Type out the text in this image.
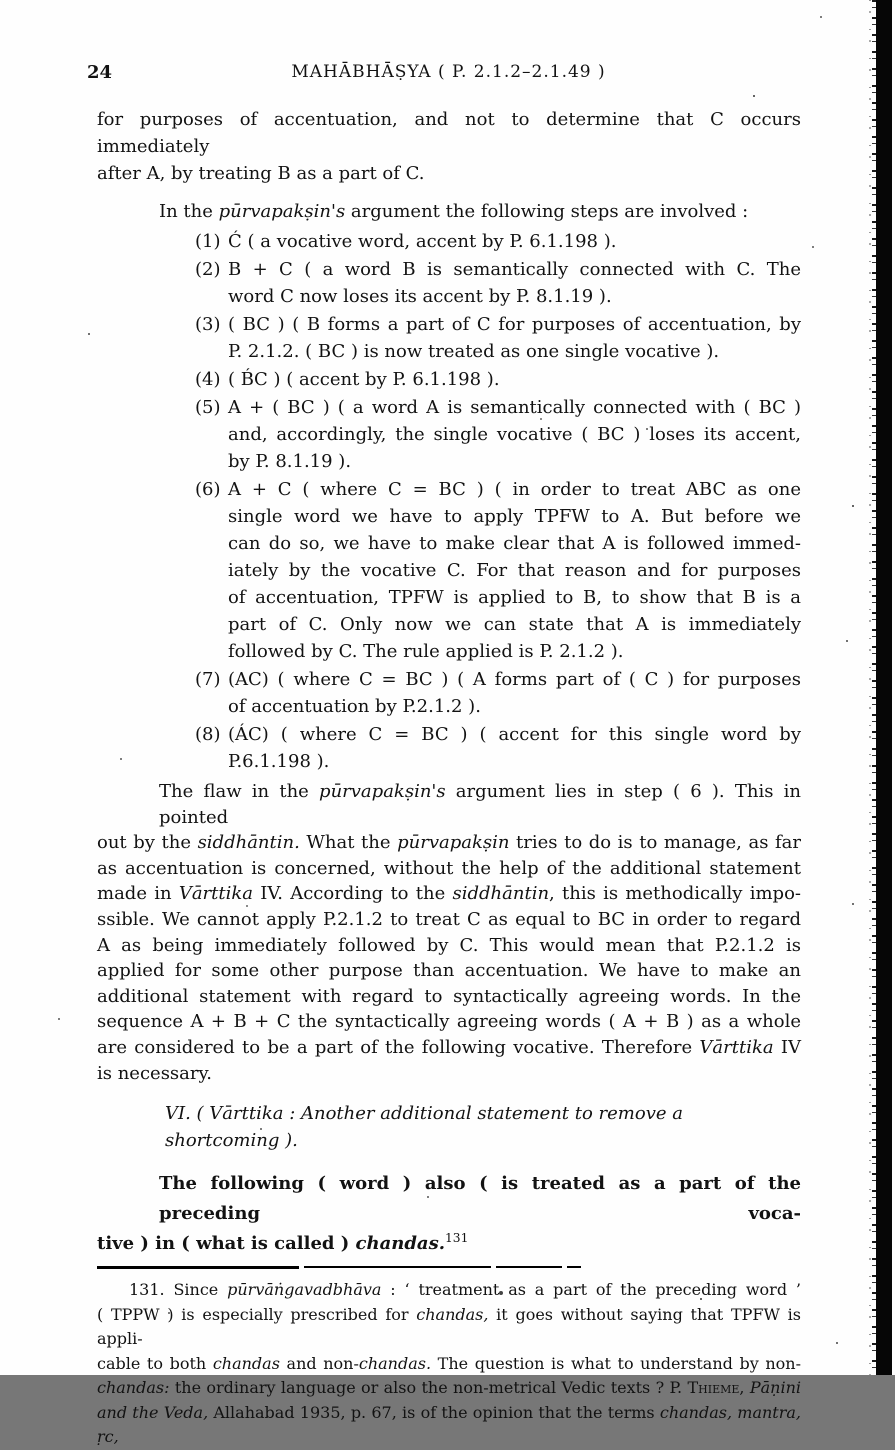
24	MAHĀBHĀṢYA ( P. 2.1.2–2.1.49 )
for purposes of accentuation, and not to determine that C occurs immediately
after A, by treating B as a part of C.
In the pūrvapakṣin's argument the following steps are involved :
(1) Ć ( a vocative word, accent by P. 6.1.198 ).
(2) B + C ( a word B is semantically connected with C. The
word C now loses its accent by P. 8.1.19 ).
(3) ( BC ) ( B forms a part of C for purposes of accentuation, by
P. 2.1.2. ( BC ) is now treated as one single vocative ).
(4) ( B́C ) ( accent by P. 6.1.198 ).
(5) A + ( BC ) ( a word A is semantically connected with ( BC )
and, accordingly, the single vocative ( BC ) loses its accent,
by P. 8.1.19 ).
(6) A + C ( where C = BC ) ( in order to treat ABC as one
single word we have to apply TPFW to A. But before we
can do so, we have to make clear that A is followed immed-
iately by the vocative C. For that reason and for purposes
of accentuation, TPFW is applied to B, to show that B is a
part of C. Only now we can state that A is immediately
followed by C. The rule applied is P. 2.1.2 ).
(7) (AC) ( where C = BC ) ( A forms part of ( C ) for purposes
of accentuation by P.2.1.2 ).
(8) (ÁC) ( where C = BC ) ( accent for this single word by
P.6.1.198 ).
The flaw in the pūrvapakṣin's argument lies in step ( 6 ). This in pointed
out by the siddhāntin. What the pūrvapakṣin tries to do is to manage, as far
as accentuation is concerned, without the help of the additional statement
made in Vārttika IV. According to the siddhāntin, this is methodically impo-
ssible. We cannot apply P.2.1.2 to treat C as equal to BC in order to regard
A as being immediately followed by C. This would mean that P.2.1.2 is
applied for some other purpose than accentuation. We have to make an
additional statement with regard to syntactically agreeing words. In the
sequence A + B + C the syntactically agreeing words ( A + B ) as a whole
are considered to be a part of the following vocative. Therefore Vārttika IV
is necessary.
VI. ( Vārttika : Another additional statement to remove a shortcoming ).
The following ( word ) also ( is treated as a part of the preceding voca-
tive ) in ( what is called ) chandas.$^{131}$
131. Since pūrvāṅgavadbhāva : ‘ treatment as a part of the preceding word ’
( TPPW ) is especially prescribed for chandas, it goes without saying that TPFW is appli-
cable to both chandas and non-chandas. The question is what to understand by non-
chandas: the ordinary language or also the non-metrical Vedic texts ? P. Thieme, Pāṇini
and the Veda, Allahabad 1935, p. 67, is of the opinion that the terms chandas, mantra, ṛc,
